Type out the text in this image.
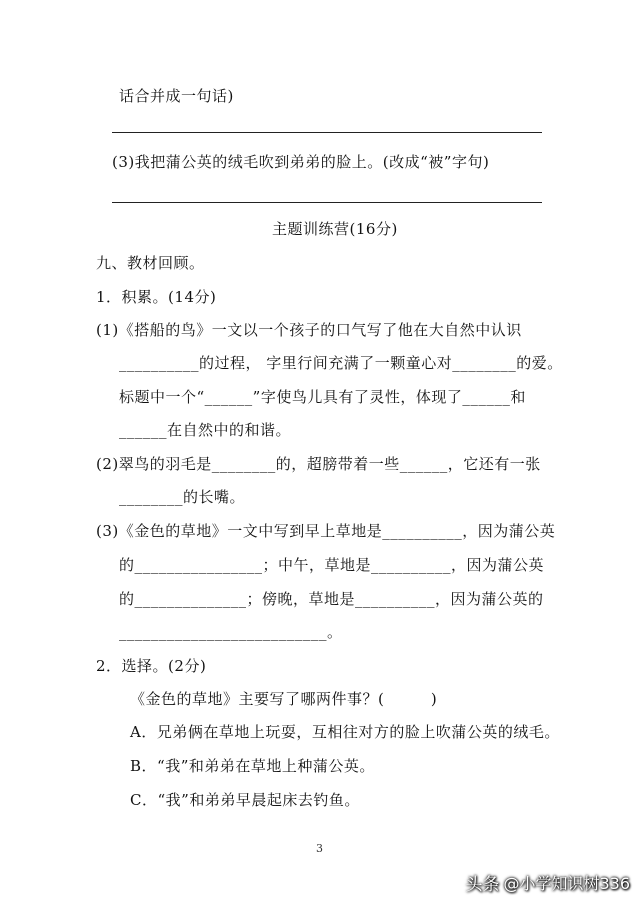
话合并成一句话)
(3)我把蒲公英的绒毛吹到弟弟的脸上。(改成“被”字句)
主题训练营(16分)
九、教材回顾。
1．积累。(14分)
(1)《搭船的鸟》一文以一个孩子的口气写了他在大自然中认识
__________的过程， 字里行间充满了一颗童心对________的爱。
标题中一个“______”字使鸟儿具有了灵性，体现了______和
______在自然中的和谐。
(2)翠鸟的羽毛是________的，超膀带着一些______，它还有一张
________的长嘴。
(3)《金色的草地》一文中写到早上草地是__________，因为蒲公英
的________________；中午，草地是__________，因为蒲公英
的______________；傍晚，草地是__________，因为蒲公英的
__________________________。
2．选择。(2分)
《金色的草地》主要写了哪两件事？(　　　)
A．兄弟俩在草地上玩耍，互相往对方的脸上吹蒲公英的绒毛。
B．“我”和弟弟在草地上种蒲公英。
C．“我”和弟弟早晨起床去钓鱼。
3
头条 @小学知识树336
